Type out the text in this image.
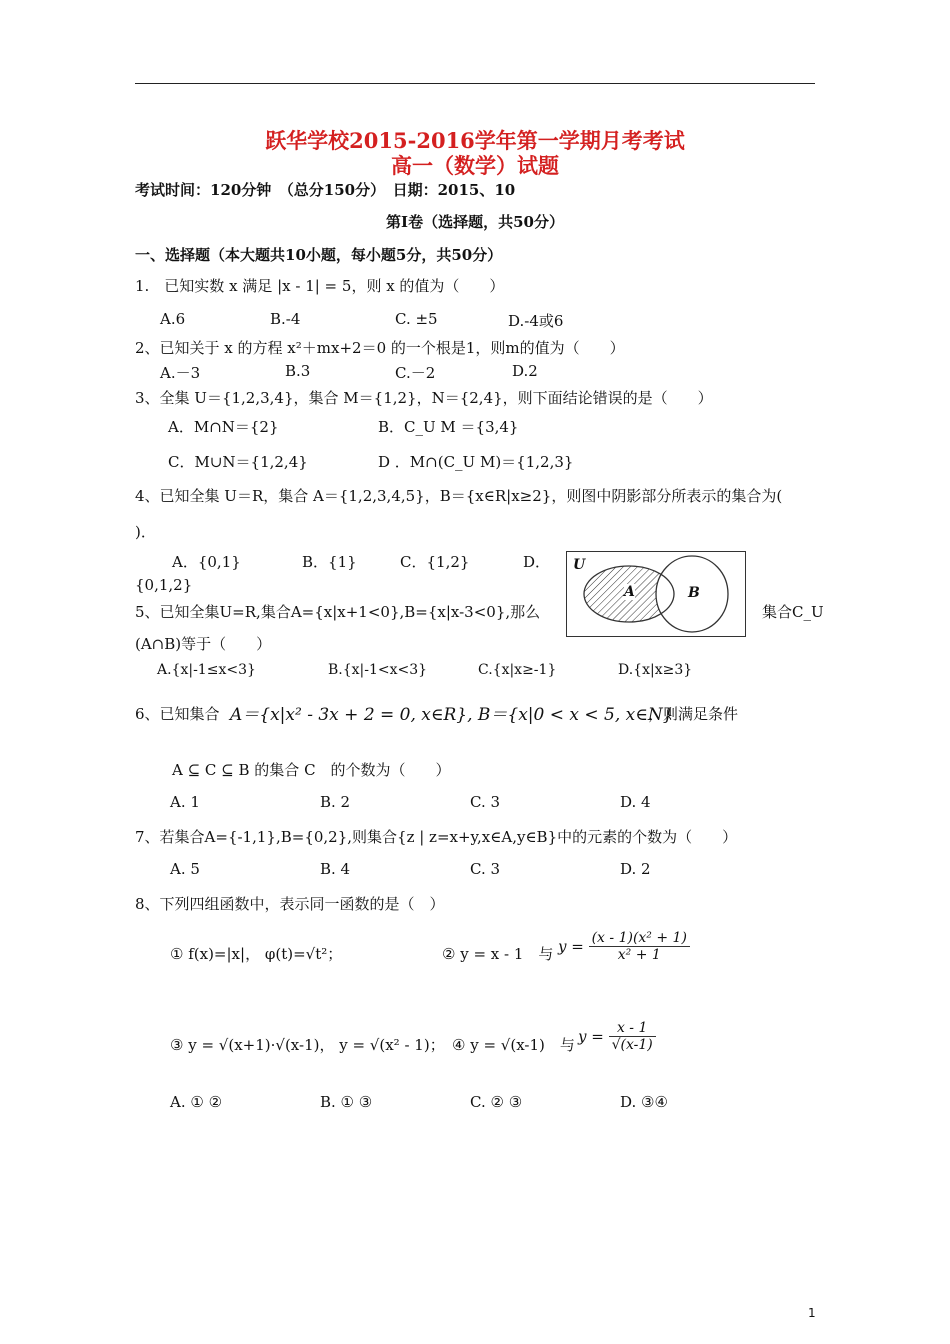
跃华学校2015-2016学年第一学期月考考试
高一（数学）试题
考试时间：120分钟　（总分150分）　日期：2015、10
第Ⅰ卷（选择题，共50分）
一、选择题（本大题共10小题，每小题5分，共50分）
1.　已知实数 x 满足 |x - 1| = 5，则 x 的值为（　　）
A.6	B.-4	C. ±5	D.-4或6
2、已知关于 x 的方程 x²＋mx+2＝0 的一个根是1，则m的值为（　　）
A.－3	B.3	C.－2	D.2
3、全集 U＝{1,2,3,4}，集合 M＝{1,2}，N＝{2,4}，则下面结论错误的是（　　）
A．M∩N＝{2}	B．C_U M ＝{3,4}
C．M∪N＝{1,2,4}	D ．M∩(C_U M)＝{1,2,3}
4、已知全集 U＝R，集合 A＝{1,2,3,4,5}，B＝{x∈R|x≥2}，则图中阴影部分所表示的集合为(
)．
A．{0,1}	B．{1}	C．{1,2}	D．
{0,1,2}
U
A	B
5、已知全集U=R,集合A={x|x+1<0},B={x|x-3<0},那么	集合C_U
(A∩B)等于（　　）
A.{x|-1≤x<3}	B.{x|-1<x<3}	C.{x|x≥-1}	D.{x|x≥3}
6、已知集合 A＝{x|x² - 3x + 2 = 0, x∈R}, B＝{x|0 < x < 5, x∈N}
，则满足条件
A ⊆ C ⊆ B 的集合 C　的个数为（　　）
A. 1	B. 2	C. 3	D. 4
7、若集合A={-1,1},B={0,2},则集合{z | z=x+y,x∈A,y∈B}中的元素的个数为（　　）
A. 5	B. 4	C. 3	D. 2
8、下列四组函数中，表示同一函数的是（　）
① f(x)=|x|， φ(t)=√t²；	② y = x - 1　与 $y = \frac{\text{(x - 1)(x² + 1)}}{\text{x² + 1}}$
③ y = √(x+1)·√(x-1)， y = √(x² - 1)； ④ y = √(x-1)　与 $y = \frac{x - 1}{√(x-1)}$
A. ① ②	B. ① ③	C. ② ③	D. ③④
1
